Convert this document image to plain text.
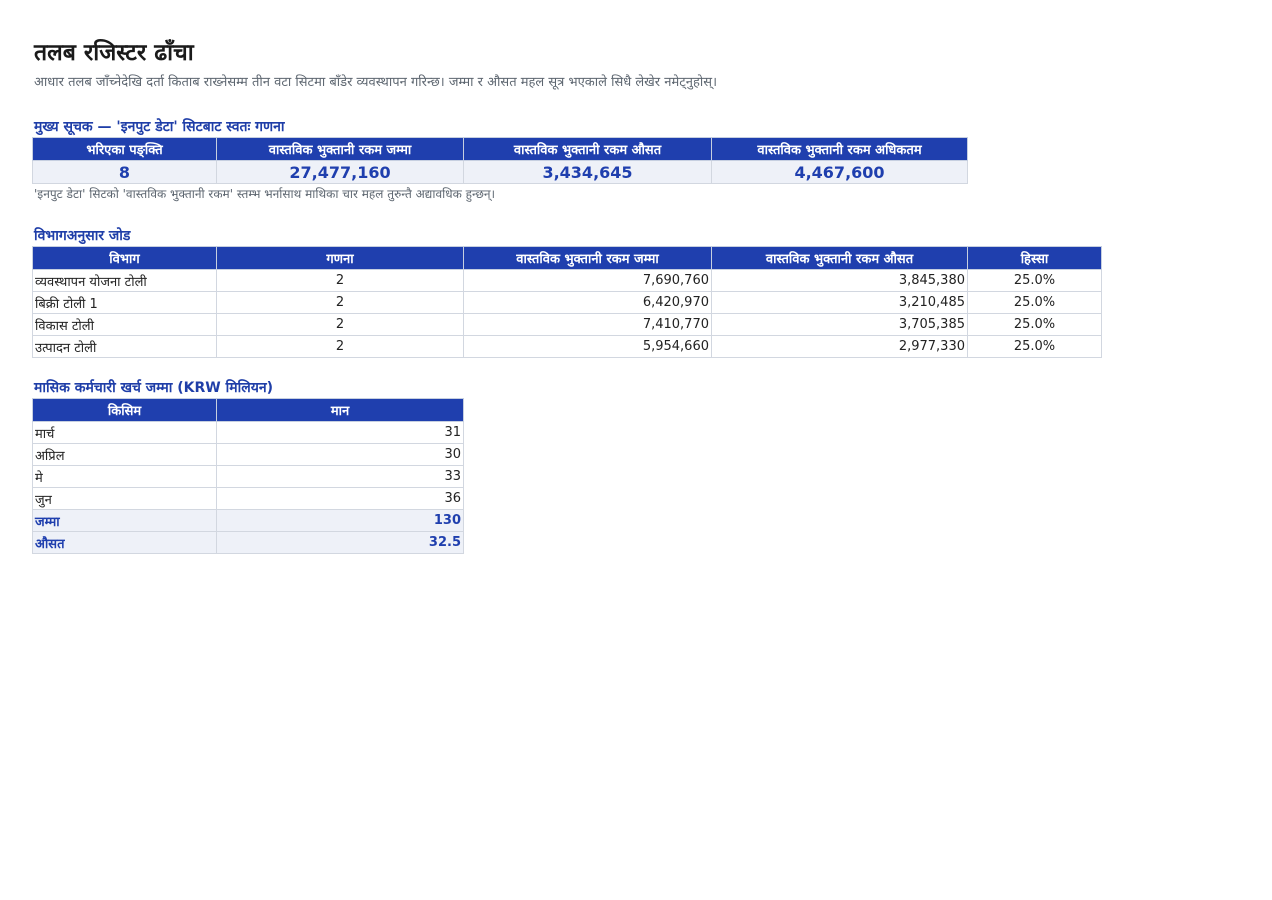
तलब रजिस्टर ढाँचा
आधार तलब जाँच्नेदेखि दर्ता किताब राख्नेसम्म तीन वटा सिटमा बाँडेर व्यवस्थापन गरिन्छ। जम्मा र औसत महल सूत्र भएकाले सिधै लेखेर नमेट्नुहोस्।
मुख्य सूचक — 'इनपुट डेटा' सिटबाट स्वतः गणना
भरिएका पङ्क्ति	वास्तविक भुक्तानी रकम जम्मा	वास्तविक भुक्तानी रकम औसत	वास्तविक भुक्तानी रकम अधिकतम
8	27,477,160	3,434,645	4,467,600
'इनपुट डेटा' सिटको 'वास्तविक भुक्तानी रकम' स्तम्भ भर्नासाथ माथिका चार महल तुरुन्तै अद्यावधिक हुन्छन्।
विभागअनुसार जोड
विभाग	गणना	वास्तविक भुक्तानी रकम जम्मा	वास्तविक भुक्तानी रकम औसत	हिस्सा
व्यवस्थापन योजना टोली	2	7,690,760	3,845,380	25.0%
बिक्री टोली 1	2	6,420,970	3,210,485	25.0%
विकास टोली	2	7,410,770	3,705,385	25.0%
उत्पादन टोली	2	5,954,660	2,977,330	25.0%
मासिक कर्मचारी खर्च जम्मा (KRW मिलियन)
किसिम	मान
मार्च	31
अप्रिल	30
मे	33
जुन	36
जम्मा	130
औसत	32.5
